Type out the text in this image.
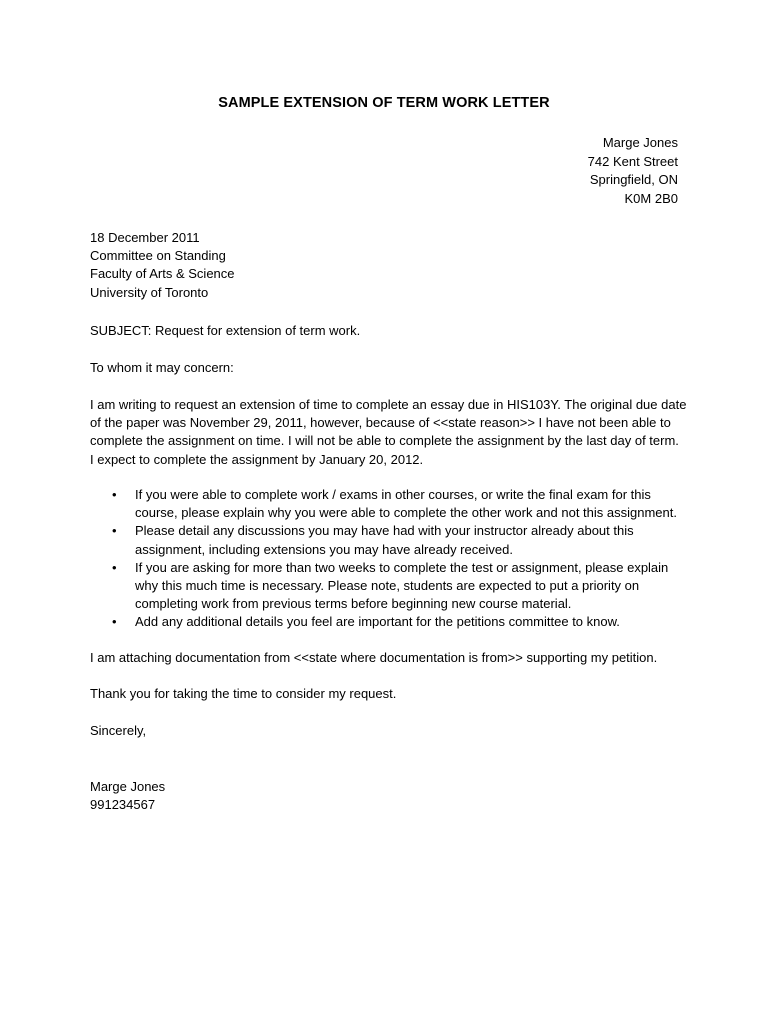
SAMPLE EXTENSION OF TERM WORK LETTER
Marge Jones
742 Kent Street
Springfield, ON
K0M 2B0
18 December 2011
Committee on Standing
Faculty of Arts & Science
University of Toronto
SUBJECT: Request for extension of term work.
To whom it may concern:
I am writing to request an extension of time to complete an essay due in HIS103Y. The original due date
of the paper was November 29, 2011, however, because of <<state reason>> I have not been able to
complete the assignment on time. I will not be able to complete the assignment by the last day of term.
I expect to complete the assignment by January 20, 2012.
• If you were able to complete work / exams in other courses, or write the final exam for this
course, please explain why you were able to complete the other work and not this assignment.
• Please detail any discussions you may have had with your instructor already about this
assignment, including extensions you may have already received.
• If you are asking for more than two weeks to complete the test or assignment, please explain
why this much time is necessary. Please note, students are expected to put a priority on
completing work from previous terms before beginning new course material.
• Add any additional details you feel are important for the petitions committee to know.
I am attaching documentation from <<state where documentation is from>> supporting my petition.
Thank you for taking the time to consider my request.
Sincerely,
Marge Jones
991234567
